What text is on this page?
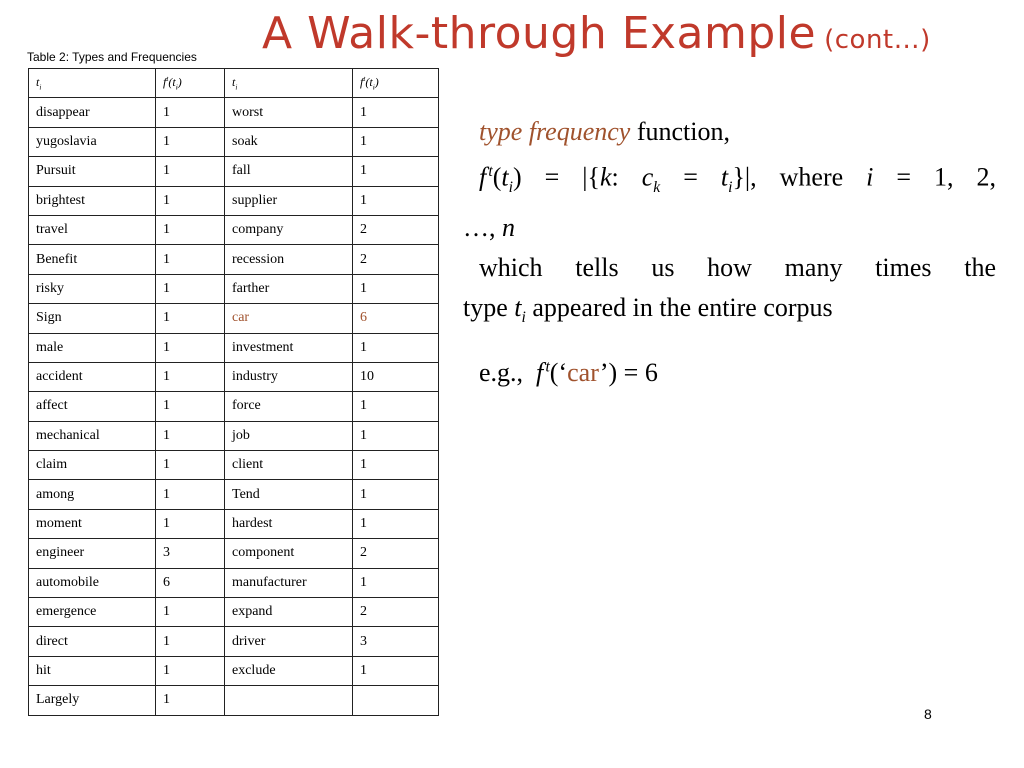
A Walk-through Example (cont…)
Table 2: Types and Frequencies
$t_i$	$f^t(t_i)$	$t_i$	$f^t(t_i)$
disappear	1	worst	1
yugoslavia	1	soak	1
Pursuit	1	fall	1
brightest	1	supplier	1
travel	1	company	2
Benefit	1	recession	2
risky	1	farther	1
Sign	1	car	6
male	1	investment	1
accident	1	industry	10
affect	1	force	1
mechanical	1	job	1
claim	1	client	1
among	1	Tend	1
moment	1	hardest	1
engineer	3	component	2
automobile	6	manufacturer	1
emergence	1	expand	2
direct	1	driver	3
hit	1	exclude	1
Largely	1		
type frequency function,
f  $^t(t_i) = |\{k$: $c_k = t_i\}|$, where i = 1, 2,
…, n
which tells us how many times the
type $t_i$ appeared in the entire corpus
e.g., f  $^t$(‘car’) = 6
8
